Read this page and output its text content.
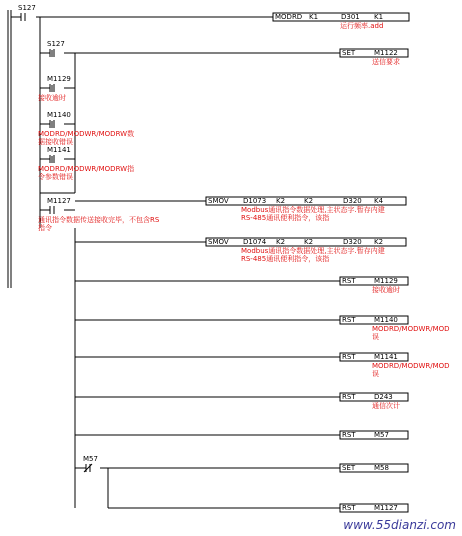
S127
S127
M1129
接收逾时
M1140
MODRD/MODWR/MODRW数据接收错误
M1141
MODRD/MODWR/MODRW指令参数错误
M1127
通讯指令数据传送接收完毕，不包含RS指令
M57
MODRD K1	D301 K1
运行频率.add
SET	M1122
送信要求
SMOV D1073 K2	K2	D320 K4
Modbus通讯指令数据处理,主状态字.暂存内建RS-485通讯便利指令，该指
SMOV D1074 K2	K2	D320 K2
Modbus通讯指令数据处理,主状态字.暂存内建RS-485通讯便利指令，该指
RST	M1129
接收逾时
RST	M1140
MODRD/MODWR/MOD误
RST	M1141
MODRD/MODWR/MOD误
RST	D243
通信次计
RST	M57
SET	M58
RST	M1127
www.55dianzi.com
